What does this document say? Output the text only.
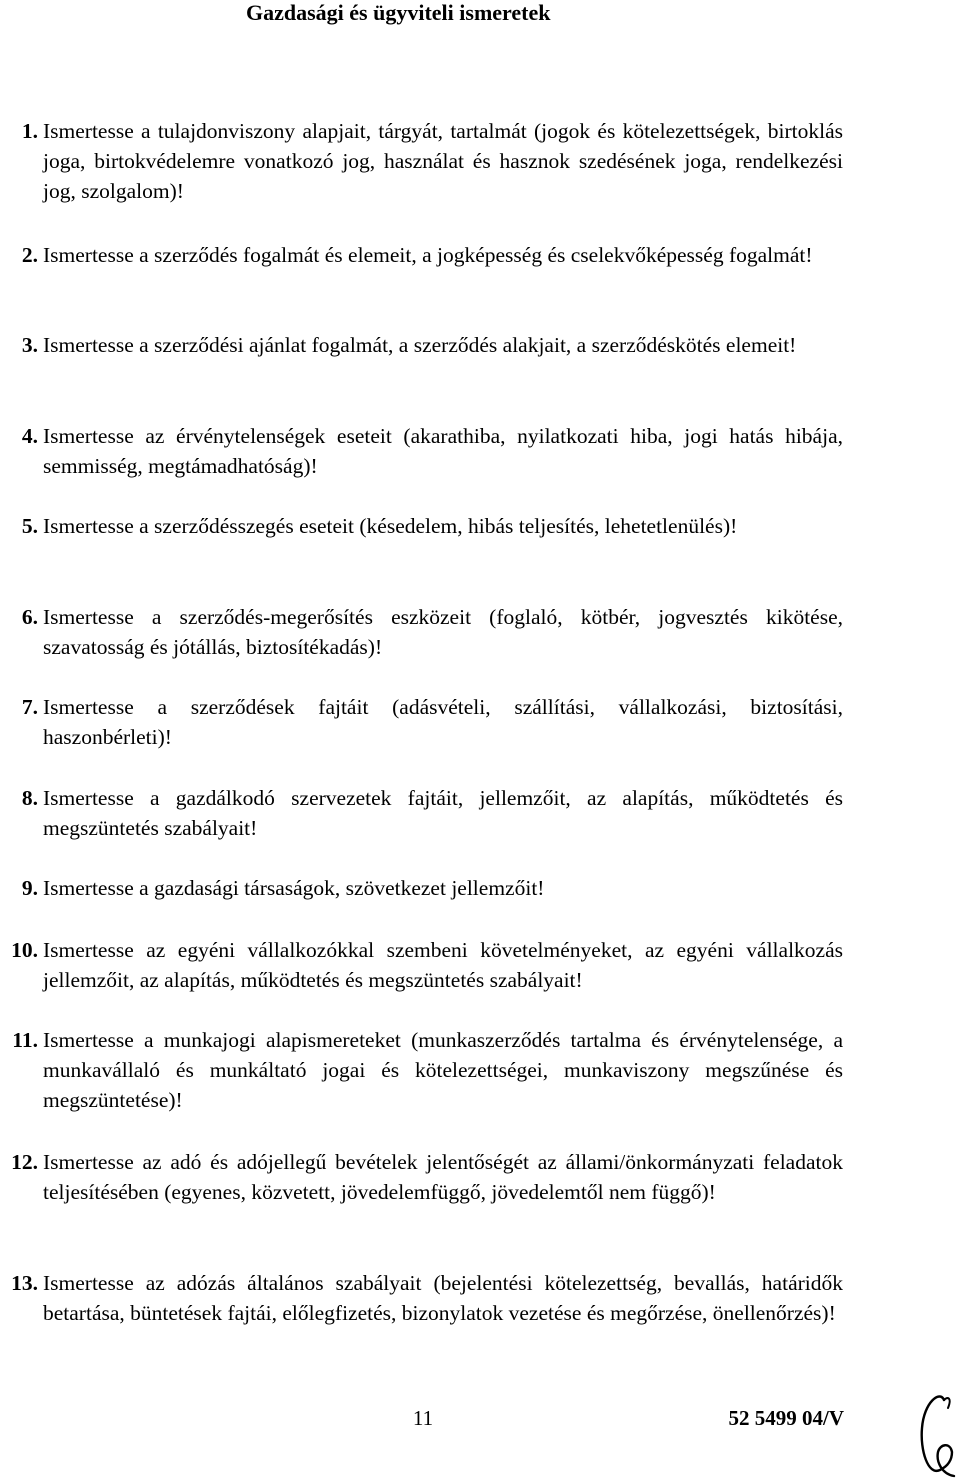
Gazdasági és ügyviteli ismeretek
1. Ismertesse a tulajdonviszony alapjait, tárgyát, tartalmát (jogok és kötelezettségek, birtoklás joga, birtokvédelemre vonatkozó jog, használat és hasznok szedésének joga, rendelkezési jog, szolgalom)!
2. Ismertesse a szerződés fogalmát és elemeit, a jogképesség és cselekvőképesség fogalmát!
3. Ismertesse a szerződési ajánlat fogalmát, a szerződés alakjait, a szerződéskötés elemeit!
4. Ismertesse az érvénytelenségek eseteit (akarathiba, nyilatkozati hiba, jogi hatás hibája, semmisség, megtámadhatóság)!
5. Ismertesse a szerződésszegés eseteit (késedelem, hibás teljesítés, lehetetlenülés)!
6. Ismertesse a szerződés-megerősítés eszközeit (foglaló, kötbér, jogvesztés kikötése, szavatosság és jótállás, biztosítékadás)!
7. Ismertesse a szerződések fajtáit (adásvételi, szállítási, vállalkozási, biztosítási, haszonbérleti)!
8. Ismertesse a gazdálkodó szervezetek fajtáit, jellemzőit, az alapítás, működtetés és megszüntetés szabályait!
9. Ismertesse a gazdasági társaságok, szövetkezet jellemzőit!
10. Ismertesse az egyéni vállalkozókkal szembeni követelményeket, az egyéni vállalkozás jellemzőit, az alapítás, működtetés és megszüntetés szabályait!
11. Ismertesse a munkajogi alapismereteket (munkaszerződés tartalma és érvénytelensége, a munkavállaló és munkáltató jogai és kötelezettségei, munkaviszony megszűnése és megszüntetése)!
12. Ismertesse az adó és adójellegű bevételek jelentőségét az állami/önkormányzati feladatok teljesítésében (egyenes, közvetett, jövedelemfüggő, jövedelemtől nem függő)!
13. Ismertesse az adózás általános szabályait (bejelentési kötelezettség, bevallás, határidők betartása, büntetések fajtái, előlegfizetés, bizonylatok vezetése és megőrzése, önellenőrzés)!
11	52 5499 04/V
